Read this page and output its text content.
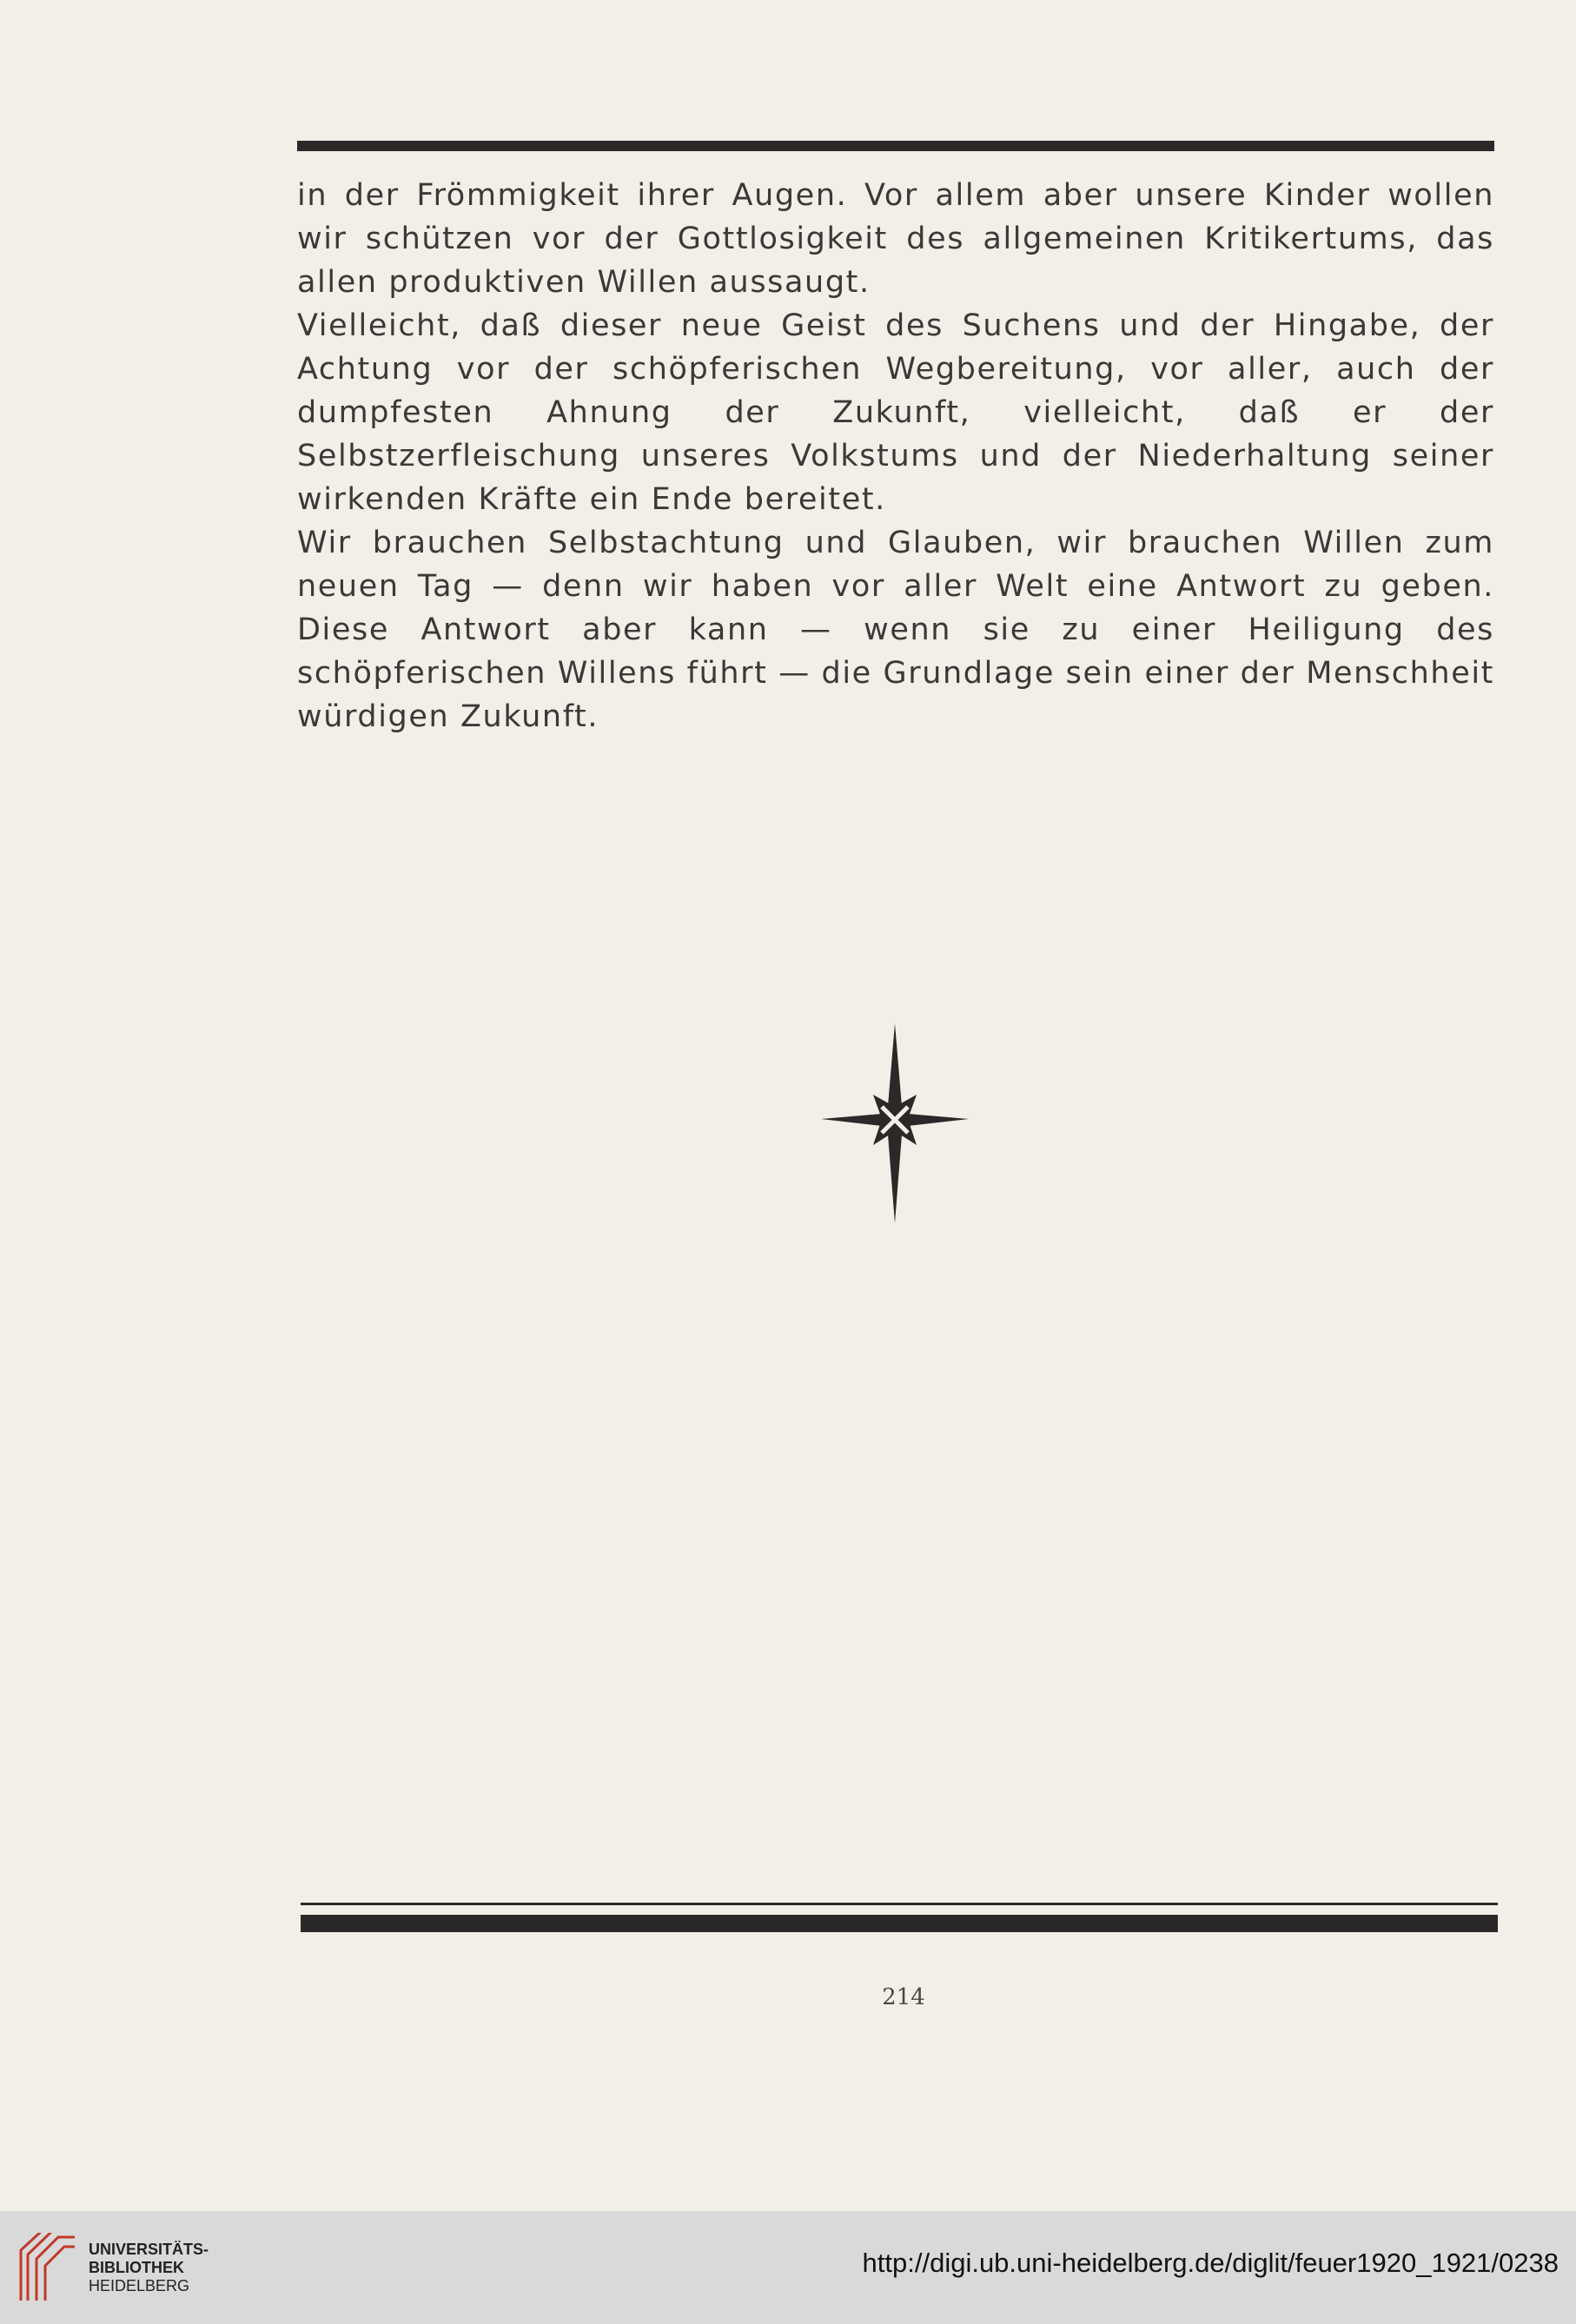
in der Frömmigkeit ihrer Augen. Vor allem aber unsere Kinder wollen wir schützen vor der Gottlosigkeit des allgemeinen Kritikertums, das allen produktiven Willen aussaugt.

Vielleicht, daß dieser neue Geist des Suchens und der Hingabe, der Achtung vor der schöpferischen Wegbereitung, vor aller, auch der dumpfesten Ahnung der Zukunft, vielleicht, daß er der Selbstzerfleischung unseres Volkstums und der Niederhaltung seiner wirkenden Kräfte ein Ende bereitet.

Wir brauchen Selbstachtung und Glauben, wir brauchen Willen zum neuen Tag — denn wir haben vor aller Welt eine Antwort zu geben. Diese Antwort aber kann — wenn sie zu einer Heiligung des schöpferischen Willens führt — die Grundlage sein einer der Menschheit würdigen Zukunft.

214
UNIVERSITÄTS-
BIBLIOTHEK
HEIDELBERG
http://digi.ub.uni-heidelberg.de/diglit/feuer1920_1921/0238
